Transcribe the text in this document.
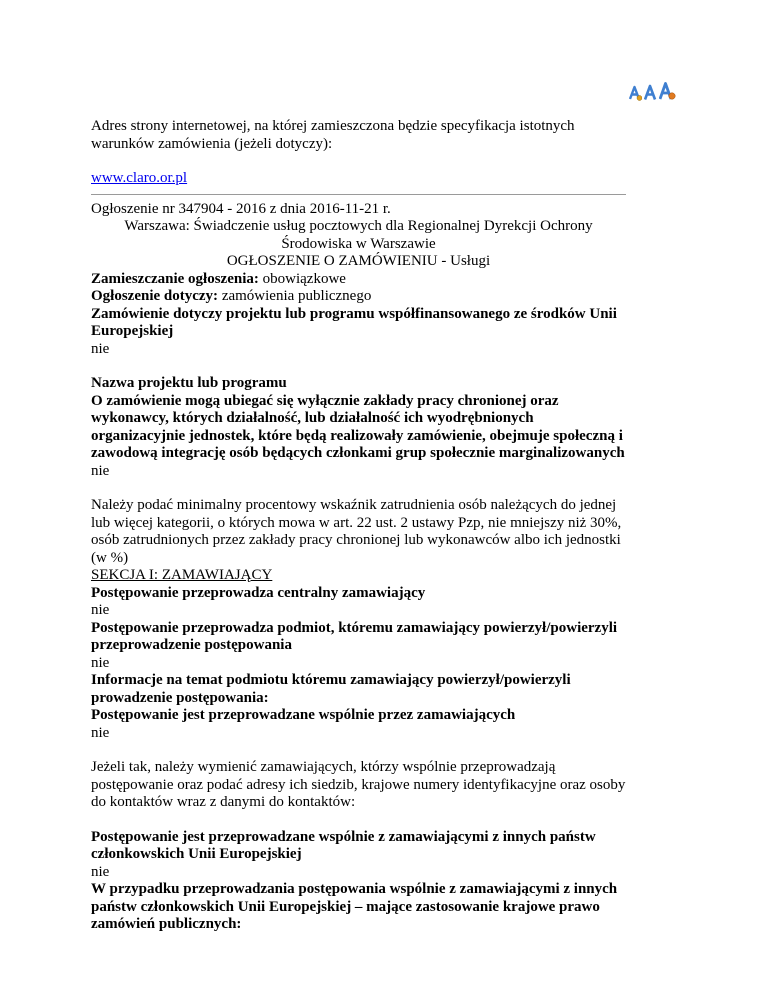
Adres strony internetowej, na której zamieszczona będzie specyfikacja istotnych warunków zamówienia (jeżeli dotyczy):

www.claro.or.pl

Ogłoszenie nr 347904 - 2016 z dnia 2016-11-21 r.

Warszawa: Świadczenie usług pocztowych dla Regionalnej Dyrekcji Ochrony

Środowiska w Warszawie

OGŁOSZENIE O ZAMÓWIENIU - Usługi

Zamieszczanie ogłoszenia: obowiązkowe

Ogłoszenie dotyczy: zamówienia publicznego

Zamówienie dotyczy projektu lub programu współfinansowanego ze środków Unii Europejskiej

nie

Nazwa projektu lub programu

O zamówienie mogą ubiegać się wyłącznie zakłady pracy chronionej oraz wykonawcy, których działalność, lub działalność ich wyodrębnionych organizacyjnie jednostek, które będą realizowały zamówienie, obejmuje społeczną i zawodową integrację osób będących członkami grup społecznie marginalizowanych

nie

Należy podać minimalny procentowy wskaźnik zatrudnienia osób należących do jednej lub więcej kategorii, o których mowa w art. 22 ust. 2 ustawy Pzp, nie mniejszy niż 30%, osób zatrudnionych przez zakłady pracy chronionej lub wykonawców albo ich jednostki (w %)

SEKCJA I: ZAMAWIAJĄCY

Postępowanie przeprowadza centralny zamawiający

nie

Postępowanie przeprowadza podmiot, któremu zamawiający powierzył/powierzyli przeprowadzenie postępowania

nie

Informacje na temat podmiotu któremu zamawiający powierzył/powierzyli prowadzenie postępowania:

Postępowanie jest przeprowadzane wspólnie przez zamawiających

nie

Jeżeli tak, należy wymienić zamawiających, którzy wspólnie przeprowadzają postępowanie oraz podać adresy ich siedzib, krajowe numery identyfikacyjne oraz osoby do kontaktów wraz z danymi do kontaktów:

Postępowanie jest przeprowadzane wspólnie z zamawiającymi z innych państw członkowskich Unii Europejskiej

nie

W przypadku przeprowadzania postępowania wspólnie z zamawiającymi z innych państw członkowskich Unii Europejskiej – mające zastosowanie krajowe prawo zamówień publicznych:
